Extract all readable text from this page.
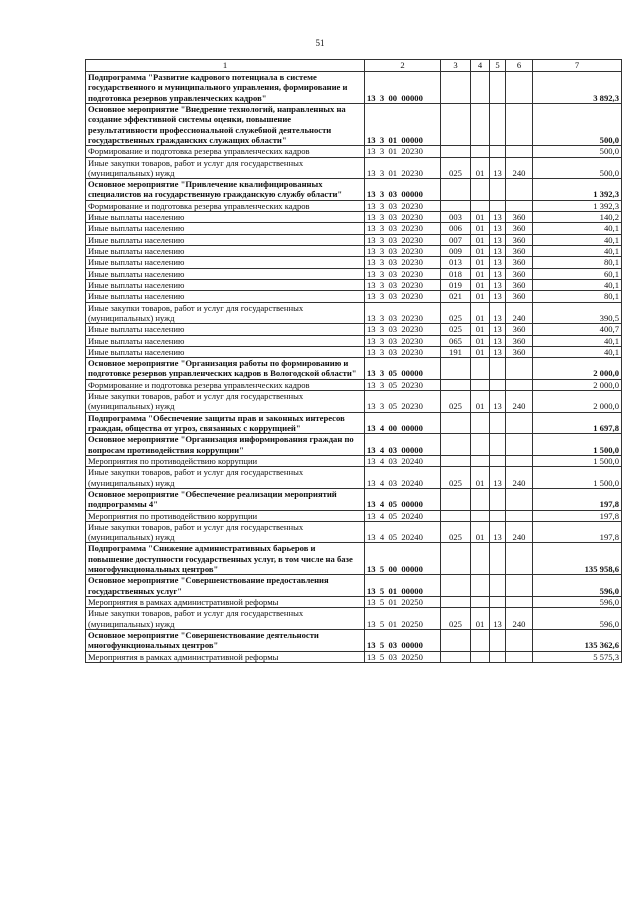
51
1	2	3	4	5	6	7
Подпрограмма "Развитие кадрового потенциала в системе государственного и муниципального управления, формирование и подготовка резервов управленческих кадров"	13  3  00  00000					3 892,3
Основное мероприятие "Внедрение технологий, направленных на создание эффективной системы оценки, повышение результативности профессиональной служебной деятельности государственных гражданских служащих области"	13  3  01  00000					500,0
Формирование и подготовка резерва управленческих кадров	13  3  01  20230					500,0
Иные закупки товаров, работ и услуг для государственных (муниципальных) нужд	13  3  01  20230	025	01	13	240	500,0
Основное мероприятие "Привлечение квалифицированных специалистов на государственную гражданскую службу области"	13  3  03  00000					1 392,3
Формирование и подготовка резерва управленческих кадров	13  3  03  20230					1 392,3
Иные выплаты населению	13  3  03  20230	003	01	13	360	140,2
Иные выплаты населению	13  3  03  20230	006	01	13	360	40,1
Иные выплаты населению	13  3  03  20230	007	01	13	360	40,1
Иные выплаты населению	13  3  03  20230	009	01	13	360	40,1
Иные выплаты населению	13  3  03  20230	013	01	13	360	80,1
Иные выплаты населению	13  3  03  20230	018	01	13	360	60,1
Иные выплаты населению	13  3  03  20230	019	01	13	360	40,1
Иные выплаты населению	13  3  03  20230	021	01	13	360	80,1
Иные закупки товаров, работ и услуг для государственных (муниципальных) нужд	13  3  03  20230	025	01	13	240	390,5
Иные выплаты населению	13  3  03  20230	025	01	13	360	400,7
Иные выплаты населению	13  3  03  20230	065	01	13	360	40,1
Иные выплаты населению	13  3  03  20230	191	01	13	360	40,1
Основное мероприятие "Организация работы по формированию и подготовке резервов управленческих кадров в Вологодской области"	13  3  05  00000					2 000,0
Формирование и подготовка резерва управленческих кадров	13  3  05  20230					2 000,0
Иные закупки товаров, работ и услуг для государственных (муниципальных) нужд	13  3  05  20230	025	01	13	240	2 000,0
Подпрограмма "Обеспечение защиты прав и законных интересов граждан, общества от угроз, связанных с коррупцией"	13  4  00  00000					1 697,8
Основное мероприятие "Организация информирования граждан по вопросам противодействия коррупции"	13  4  03  00000					1 500,0
Мероприятия по противодействию коррупции	13  4  03  20240					1 500,0
Иные закупки товаров, работ и услуг для государственных (муниципальных) нужд	13  4  03  20240	025	01	13	240	1 500,0
Основное мероприятие "Обеспечение реализации мероприятий подпрограммы 4"	13  4  05  00000					197,8
Мероприятия по противодействию коррупции	13  4  05  20240					197,8
Иные закупки товаров, работ и услуг для государственных (муниципальных) нужд	13  4  05  20240	025	01	13	240	197,8
Подпрограмма "Снижение административных барьеров и повышение доступности государственных услуг, в том числе на базе многофункциональных центров"	13  5  00  00000					135 958,6
Основное мероприятие "Совершенствование предоставления государственных услуг"	13  5  01  00000					596,0
Мероприятия в рамках административной реформы	13  5  01  20250					596,0
Иные закупки товаров, работ и услуг для государственных (муниципальных) нужд	13  5  01  20250	025	01	13	240	596,0
Основное мероприятие "Совершенствование деятельности многофункциональных центров"	13  5  03  00000					135 362,6
Мероприятия в рамках административной реформы	13  5  03  20250					5 575,3
